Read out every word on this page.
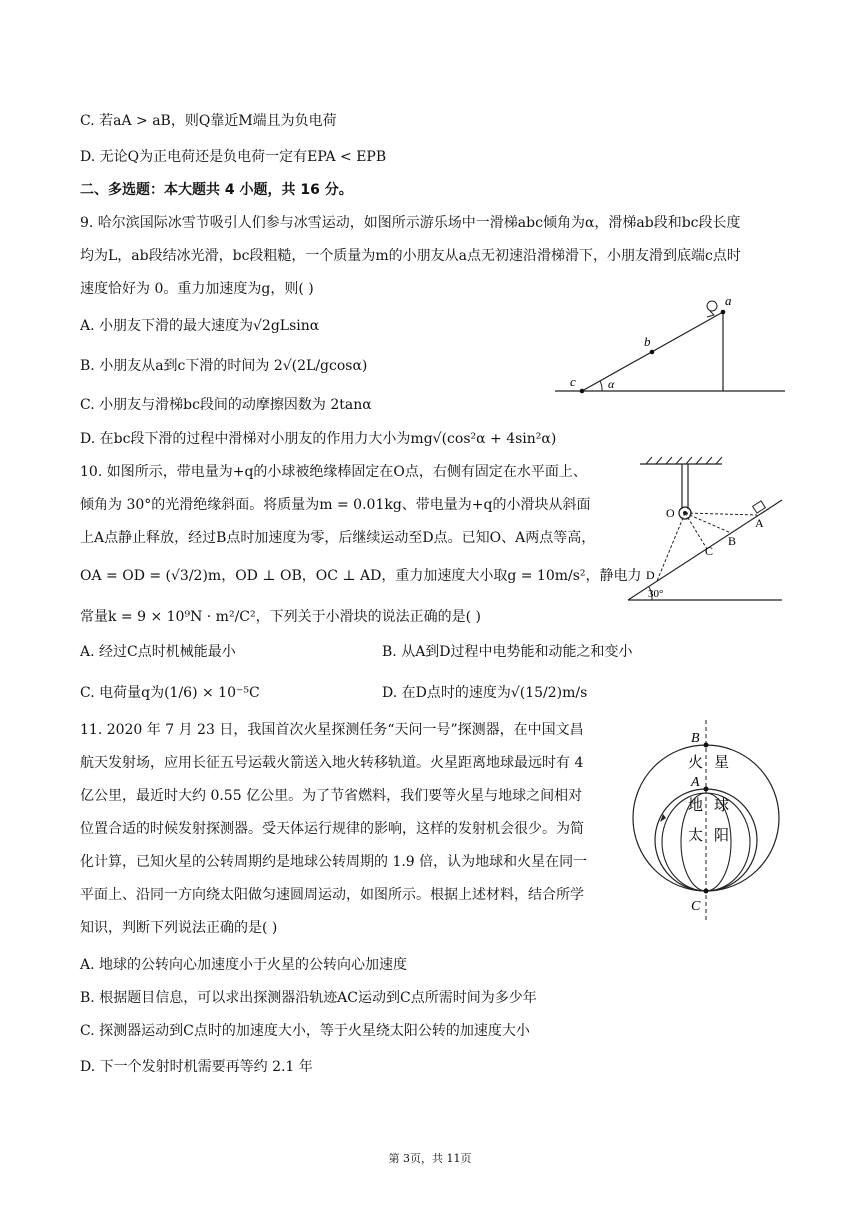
C. 若aA > aB，则Q靠近M端且为负电荷
D. 无论Q为正电荷还是负电荷一定有EPA < EPB
二、多选题：本大题共 4 小题，共 16 分。
9. 哈尔滨国际冰雪节吸引人们参与冰雪运动，如图所示游乐场中一滑梯abc倾角为α，滑梯ab段和bc段长度
均为L，ab段结冰光滑，bc段粗糙，一个质量为m的小朋友从a点无初速沿滑梯滑下，小朋友滑到底端c点时
速度恰好为 0。重力加速度为g，则( )
A. 小朋友下滑的最大速度为√2gLsinα
B. 小朋友从a到c下滑的时间为 2√(2L/gcosα)
C. 小朋友与滑梯bc段间的动摩擦因数为 2tanα
D. 在bc段下滑的过程中滑梯对小朋友的作用力大小为mg√(cos²α + 4sin²α)
a
b
c	α
10. 如图所示，带电量为+q的小球被绝缘棒固定在O点，右侧有固定在水平面上、
倾角为 30°的光滑绝缘斜面。将质量为m = 0.01kg、带电量为+q的小滑块从斜面
上A点静止释放，经过B点时加速度为零，后继续运动至D点。已知O、A两点等高，
OA = OD = (√3/2)m，OD ⊥ OB，OC ⊥ AD，重力加速度大小取g = 10m/s²，静电力
常量k = 9 × 10⁹N · m²/C²，下列关于小滑块的说法正确的是( )
A. 经过C点时机械能最小	B. 从A到D过程中电势能和动能之和变小
C. 电荷量q为(1/6) × 10⁻⁵C	D. 在D点时的速度为√(15/2)m/s
O
A
B
C
D
30°
11. 2020 年 7 月 23 日，我国首次火星探测任务“天问一号”探测器，在中国文昌
航天发射场，应用长征五号运载火箭送入地火转移轨道。火星距离地球最远时有 4
亿公里，最近时大约 0.55 亿公里。为了节省燃料，我们要等火星与地球之间相对
位置合适的时候发射探测器。受天体运行规律的影响，这样的发射机会很少。为简
化计算，已知火星的公转周期约是地球公转周期的 1.9 倍，认为地球和火星在同一
平面上、沿同一方向绕太阳做匀速圆周运动，如图所示。根据上述材料，结合所学
知识，判断下列说法正确的是( )
A. 地球的公转向心加速度小于火星的公转向心加速度
B. 根据题目信息，可以求出探测器沿轨迹AC运动到C点所需时间为多少年
C. 探测器运动到C点时的加速度大小，等于火星绕太阳公转的加速度大小
D. 下一个发射时机需要再等约 2.1 年
B
A
C
火 星
地 球
太 阳
第 3页，共 11页
